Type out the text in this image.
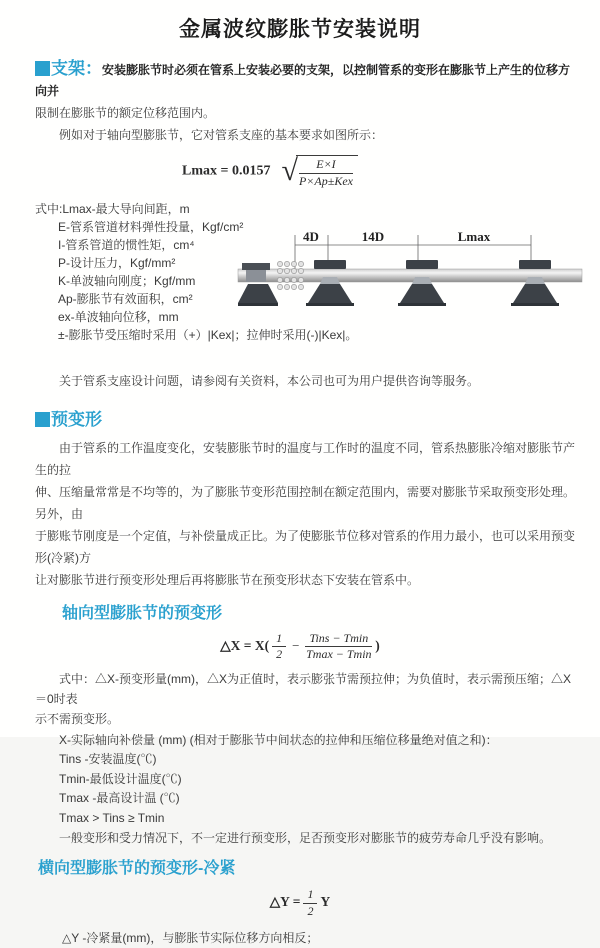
金属波纹膨胀节安装说明

支架：安装膨胀节时必须在管系上安装必要的支架，以控制管系的变形在膨胀节上产生的位移方向并

限制在膨胀节的额定位移范围内。
例如对于轴向型膨胀节，它对管系支座的基本要求如图所示：
Lmax = 0.0157 √ $\frac{E\times I}{\text{P×Ap±Kex}}$
式中:Lmax-最大导向间距，m
E-管系管道材料弹性投量，Kgf/cm²
I-管系管道的惯性矩，cm⁴
P-设计压力，Kgf/mm²
K-单波轴向刚度；Kgf/mm
Ap-膨胀节有效面积，cm²
ex-单波轴向位移，mm
±-膨胀节受压缩时采用（+）|Kex|；拉伸时采用(-)|Kex|。
4D	14D	Lmax
关于管系支座设计问题，请参阅有关资料，本公司也可为用户提供咨询等服务。
预变形
由于管系的工作温度变化，安装膨胀节时的温度与工作时的温度不同，管系热膨胀冷缩对膨胀节产生的拉
伸、压缩量常常是不均等的，为了膨胀节变形范围控制在额定范围内，需要对膨胀节采取预变形处理。另外，由
于膨账节刚度是一个定值，与补偿量成正比。为了使膨胀节位移对管系的作用力最小，也可以采用预变形(冷紧)方
让对膨胀节进行预变形处理后再将膨胀节在预变形状态下安装在管系中。
轴向型膨胀节的预变形
△X = $X( \frac{1}{2} - \frac{\text{Tins − Tmin}}{Tmax - Tmin}$ )
式中：△X-预变形量(mm)，△X为正值时，表示膨张节需预拉伸；为负值时，表示需预压缩；△X＝0时表
示不需预变形。
X-实际轴向补偿量 (mm) (相对于膨胀节中间状态的拉伸和压缩位移量绝对值之和)：
Tins -安装温度(℃)
Tmin-最低设计温度(℃)
Tmax -最高设计温 (℃)
Tmax > Tins ≥ Tmin
一般变形和受力情况下，不一定进行预变形，足否预变形对膨胀节的疲劳寿命几乎没有影响。
横向型膨胀节的预变形-冷紧
△Y = $\frac{1}{2}$ Y
△Y -冷紧量(mm)，与膨胀节实际位移方向相反；
